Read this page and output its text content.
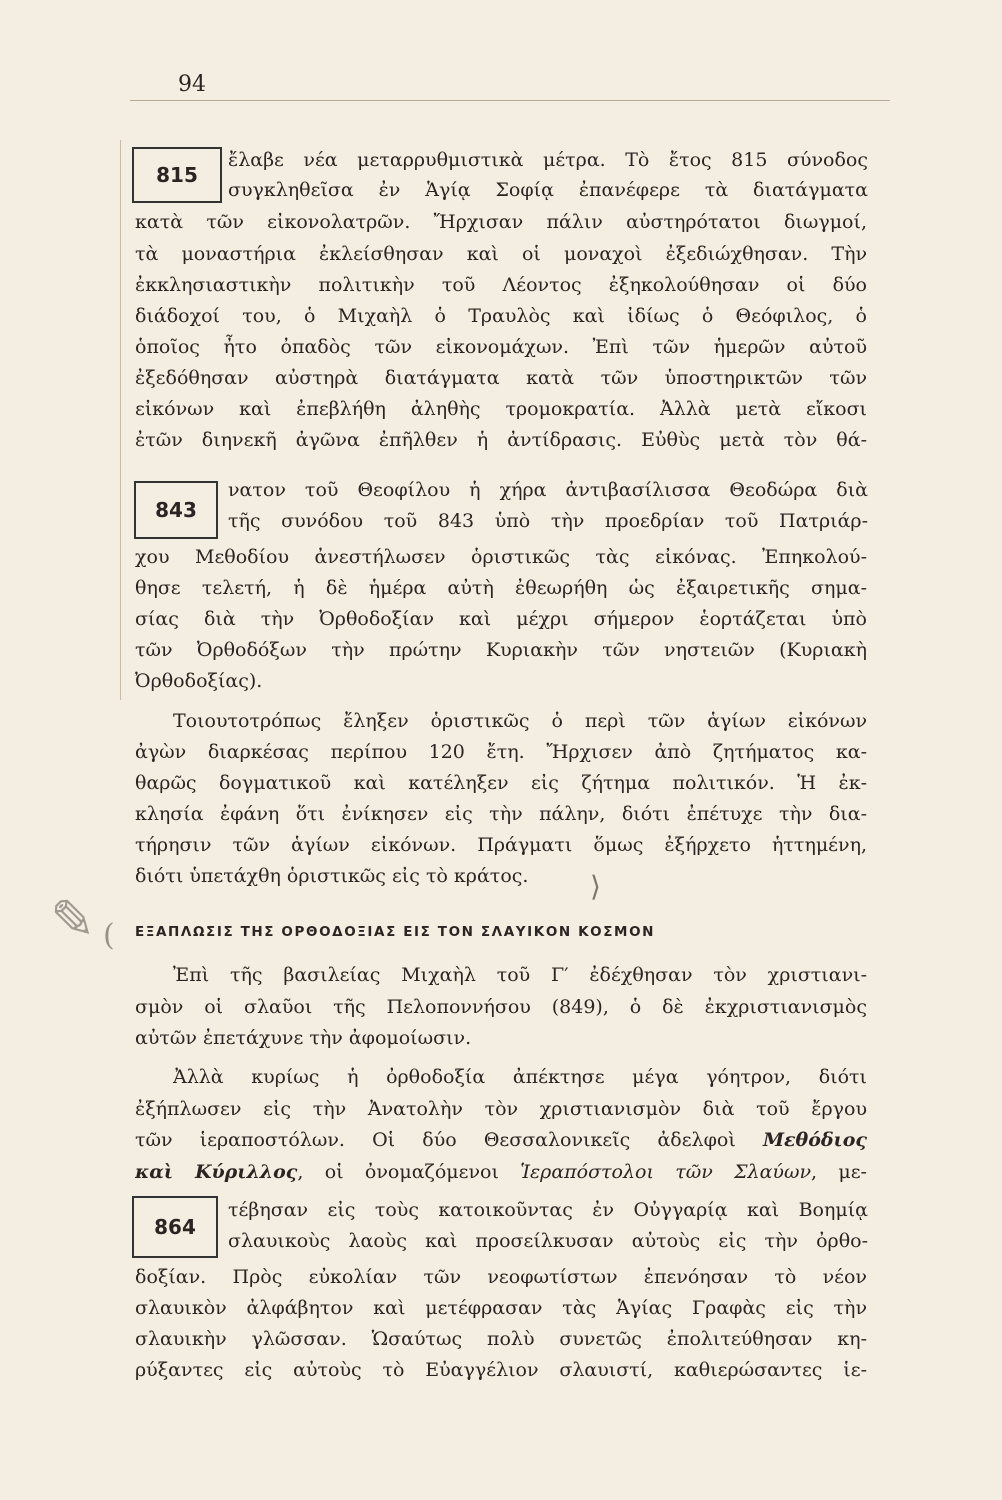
94
815
843
864
ἔλαβε νέα μεταρρυθμιστικὰ μέτρα. Τὸ ἔτος 815 σύνοδος
συγκληθεῖσα ἐν Ἁγίᾳ Σοφίᾳ ἐπανέφερε τὰ διατάγματα
κατὰ τῶν εἰκονολατρῶν. Ἤρχισαν πάλιν αὐστηρότατοι διωγμοί,
τὰ μοναστήρια ἐκλείσθησαν καὶ οἱ μοναχοὶ ἐξεδιώχθησαν. Τὴν
ἐκκλησιαστικὴν πολιτικὴν τοῦ Λέοντος ἐξηκολούθησαν οἱ δύο
διάδοχοί του, ὁ Μιχαὴλ ὁ Τραυλὸς καὶ ἰδίως ὁ Θεόφιλος, ὁ
ὁποῖος ἦτο ὀπαδὸς τῶν εἰκονομάχων. Ἐπὶ τῶν ἡμερῶν αὐτοῦ
ἐξεδόθησαν αὐστηρὰ διατάγματα κατὰ τῶν ὑποστηρικτῶν τῶν
εἰκόνων καὶ ἐπεβλήθη ἀληθὴς τρομοκρατία. Ἀλλὰ μετὰ εἴκοσι
ἐτῶν διηνεκῆ ἀγῶνα ἐπῆλθεν ἡ ἀντίδρασις. Εὐθὺς μετὰ τὸν θά-
νατον τοῦ Θεοφίλου ἡ χήρα ἀντιβασίλισσα Θεοδώρα διὰ
τῆς συνόδου τοῦ 843 ὑπὸ τὴν προεδρίαν τοῦ Πατριάρ-
χου Μεθοδίου ἀνεστήλωσεν ὁριστικῶς τὰς εἰκόνας. Ἐπηκολού-
θησε τελετή, ἡ δὲ ἡμέρα αὐτὴ ἐθεωρήθη ὡς ἐξαιρετικῆς σημα-
σίας διὰ τὴν Ὀρθοδοξίαν καὶ μέχρι σήμερον ἑορτάζεται ὑπὸ
τῶν Ὀρθοδόξων τὴν πρώτην Κυριακὴν τῶν νηστειῶν (Κυριακὴ
Ὀρθοδοξίας).
Τοιουτοτρόπως ἔληξεν ὁριστικῶς ὁ περὶ τῶν ἁγίων εἰκόνων
ἀγὼν διαρκέσας περίπου 120 ἔτη. Ἤρχισεν ἀπὸ ζητήματος κα-
θαρῶς δογματικοῦ καὶ κατέληξεν εἰς ζήτημα πολιτικόν. Ἡ ἐκ-
κλησία ἐφάνη ὅτι ἐνίκησεν εἰς τὴν πάλην, διότι ἐπέτυχε τὴν δια-
τήρησιν τῶν ἁγίων εἰκόνων. Πράγματι ὅμως ἐξήρχετο ἡττημένη,
διότι ὑπετάχθη ὁριστικῶς εἰς τὸ κράτος.
✎ (
⟩
ΕΞΑΠΛΩΣΙΣ ΤΗΣ ΟΡΘΟΔΟΞΙΑΣ ΕΙΣ ΤΟΝ ΣΛΑΥΙΚΟΝ ΚΟΣΜΟΝ
Ἐπὶ τῆς βασιλείας Μιχαὴλ τοῦ Γ′ ἐδέχθησαν τὸν χριστιανι-
σμὸν οἱ σλαῦοι τῆς Πελοποννήσου (849), ὁ δὲ ἐκχριστιανισμὸς
αὐτῶν ἐπετάχυνε τὴν ἀφομοίωσιν.
Ἀλλὰ κυρίως ἡ ὀρθοδοξία ἀπέκτησε μέγα γόητρον, διότι
ἐξήπλωσεν εἰς τὴν Ἀνατολὴν τὸν χριστιανισμὸν διὰ τοῦ ἔργου
τῶν ἱεραποστόλων. Οἱ δύο Θεσσαλονικεῖς ἀδελφοὶ Μεθόδιος
καὶ Κύριλλος, οἱ ὀνομαζόμενοι Ἱεραπόστολοι τῶν Σλαύων, με-
τέβησαν εἰς τοὺς κατοικοῦντας ἐν Οὐγγαρίᾳ καὶ Βοημίᾳ
σλαυικοὺς λαοὺς καὶ προσείλκυσαν αὐτοὺς εἰς τὴν ὀρθο-
δοξίαν. Πρὸς εὐκολίαν τῶν νεοφωτίστων ἐπενόησαν τὸ νέον
σλαυικὸν ἀλφάβητον καὶ μετέφρασαν τὰς Ἁγίας Γραφὰς εἰς τὴν
σλαυικὴν γλῶσσαν. Ὡσαύτως πολὺ συνετῶς ἐπολιτεύθησαν κη-
ρύξαντες εἰς αὐτοὺς τὸ Εὐαγγέλιον σλαυιστί, καθιερώσαντες ἱε-
